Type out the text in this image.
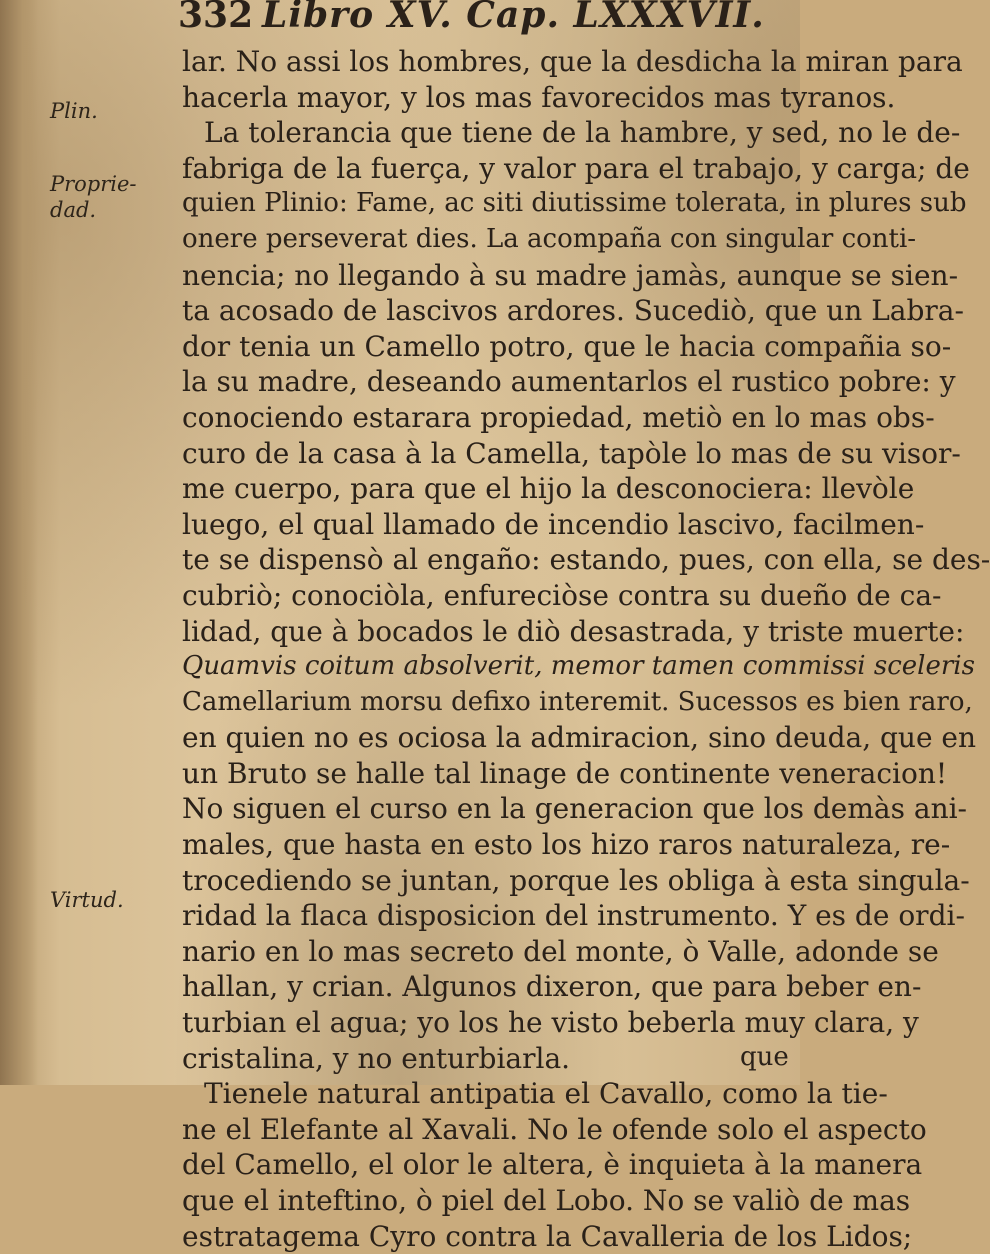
332 Libro XV. Cap. LXXXVII.
Plin.
Proprie-
dad.
Virtud.
lar. No assi los hombres, que la desdicha la miran para
hacerla mayor, y los mas favorecidos mas tyranos.
La tolerancia que tiene de la hambre, y sed, no le de-
fabriga de la fuerça, y valor para el trabajo, y carga; de
quien Plinio: Fame, ac siti diutissime tolerata, in plures sub
onere perseverat dies. La acompaña con singular conti-
nencia; no llegando à su madre jamàs, aunque se sien-
ta acosado de lascivos ardores. Sucediò, que un Labra-
dor tenia un Camello potro, que le hacia compañia so-
la su madre, deseando aumentarlos el rustico pobre: y
conociendo estarara propiedad, metiò en lo mas obs-
curo de la casa à la Camella, tapòle lo mas de su visor-
me cuerpo, para que el hijo la desconociera: llevòle
luego, el qual llamado de incendio lascivo, facilmen-
te se dispensò al engaño: estando, pues, con ella, se des-
cubriò; conociòla, enfureciòse contra su dueño de ca-
lidad, que à bocados le diò desastrada, y triste muerte:
Quamvis coitum absolverit, memor tamen commissi sceleris
Camellarium morsu defixo interemit. Sucessos es bien raro,
en quien no es ociosa la admiracion, sino deuda, que en
un Bruto se halle tal linage de continente veneracion!
No siguen el curso en la generacion que los demàs ani-
males, que hasta en esto los hizo raros naturaleza, re-
trocediendo se juntan, porque les obliga à esta singula-
ridad la flaca disposicion del instrumento. Y es de ordi-
nario en lo mas secreto del monte, ò Valle, adonde se
hallan, y crian. Algunos dixeron, que para beber en-
turbian el agua; yo los he visto beberla muy clara, y
cristalina, y no enturbiarla.
Tienele natural antipatia el Cavallo, como la tie-
ne el Elefante al Xavali. No le ofende solo el aspecto
del Camello, el olor le altera, è inquieta à la manera
que el inteftino, ò piel del Lobo. No se valiò de mas
estratagema Cyro contra la Cavalleria de los Lidos;
que
